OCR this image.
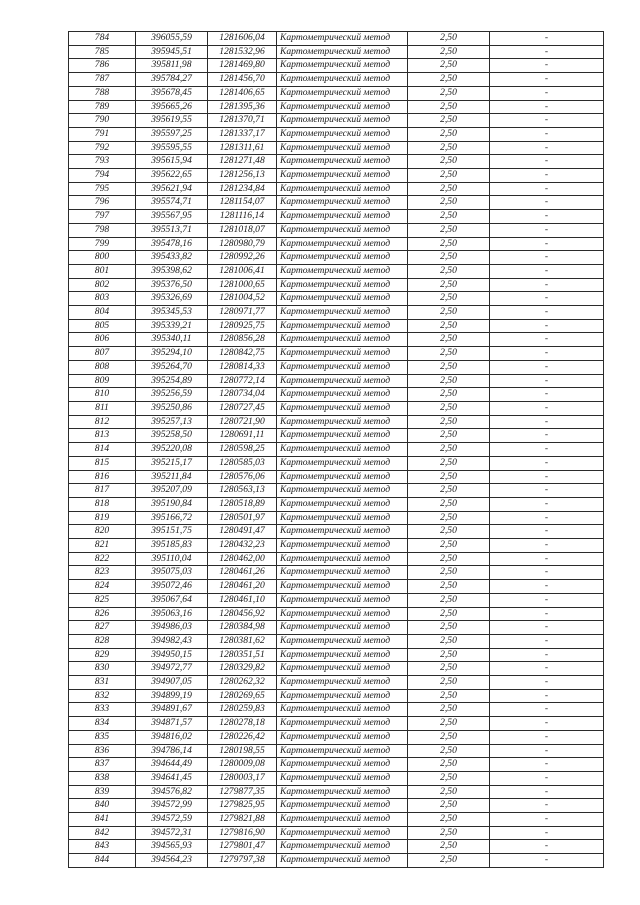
784	396055,59	1281606,04	Картометрический метод	2,50	-
785	395945,51	1281532,96	Картометрический метод	2,50	-
786	395811,98	1281469,80	Картометрический метод	2,50	-
787	395784,27	1281456,70	Картометрический метод	2,50	-
788	395678,45	1281406,65	Картометрический метод	2,50	-
789	395665,26	1281395,36	Картометрический метод	2,50	-
790	395619,55	1281370,71	Картометрический метод	2,50	-
791	395597,25	1281337,17	Картометрический метод	2,50	-
792	395595,55	1281311,61	Картометрический метод	2,50	-
793	395615,94	1281271,48	Картометрический метод	2,50	-
794	395622,65	1281256,13	Картометрический метод	2,50	-
795	395621,94	1281234,84	Картометрический метод	2,50	-
796	395574,71	1281154,07	Картометрический метод	2,50	-
797	395567,95	1281116,14	Картометрический метод	2,50	-
798	395513,71	1281018,07	Картометрический метод	2,50	-
799	395478,16	1280980,79	Картометрический метод	2,50	-
800	395433,82	1280992,26	Картометрический метод	2,50	-
801	395398,62	1281006,41	Картометрический метод	2,50	-
802	395376,50	1281000,65	Картометрический метод	2,50	-
803	395326,69	1281004,52	Картометрический метод	2,50	-
804	395345,53	1280971,77	Картометрический метод	2,50	-
805	395339,21	1280925,75	Картометрический метод	2,50	-
806	395340,11	1280856,28	Картометрический метод	2,50	-
807	395294,10	1280842,75	Картометрический метод	2,50	-
808	395264,70	1280814,33	Картометрический метод	2,50	-
809	395254,89	1280772,14	Картометрический метод	2,50	-
810	395256,59	1280734,04	Картометрический метод	2,50	-
811	395250,86	1280727,45	Картометрический метод	2,50	-
812	395257,13	1280721,90	Картометрический метод	2,50	-
813	395258,50	1280691,11	Картометрический метод	2,50	-
814	395220,08	1280598,25	Картометрический метод	2,50	-
815	395215,17	1280585,03	Картометрический метод	2,50	-
816	395211,84	1280576,06	Картометрический метод	2,50	-
817	395207,09	1280563,13	Картометрический метод	2,50	-
818	395190,84	1280518,89	Картометрический метод	2,50	-
819	395166,72	1280501,97	Картометрический метод	2,50	-
820	395151,75	1280491,47	Картометрический метод	2,50	-
821	395185,83	1280432,23	Картометрический метод	2,50	-
822	395110,04	1280462,00	Картометрический метод	2,50	-
823	395075,03	1280461,26	Картометрический метод	2,50	-
824	395072,46	1280461,20	Картометрический метод	2,50	-
825	395067,64	1280461,10	Картометрический метод	2,50	-
826	395063,16	1280456,92	Картометрический метод	2,50	-
827	394986,03	1280384,98	Картометрический метод	2,50	-
828	394982,43	1280381,62	Картометрический метод	2,50	-
829	394950,15	1280351,51	Картометрический метод	2,50	-
830	394972,77	1280329,82	Картометрический метод	2,50	-
831	394907,05	1280262,32	Картометрический метод	2,50	-
832	394899,19	1280269,65	Картометрический метод	2,50	-
833	394891,67	1280259,83	Картометрический метод	2,50	-
834	394871,57	1280278,18	Картометрический метод	2,50	-
835	394816,02	1280226,42	Картометрический метод	2,50	-
836	394786,14	1280198,55	Картометрический метод	2,50	-
837	394644,49	1280009,08	Картометрический метод	2,50	-
838	394641,45	1280003,17	Картометрический метод	2,50	-
839	394576,82	1279877,35	Картометрический метод	2,50	-
840	394572,99	1279825,95	Картометрический метод	2,50	-
841	394572,59	1279821,88	Картометрический метод	2,50	-
842	394572,31	1279816,90	Картометрический метод	2,50	-
843	394565,93	1279801,47	Картометрический метод	2,50	-
844	394564,23	1279797,38	Картометрический метод	2,50	-
